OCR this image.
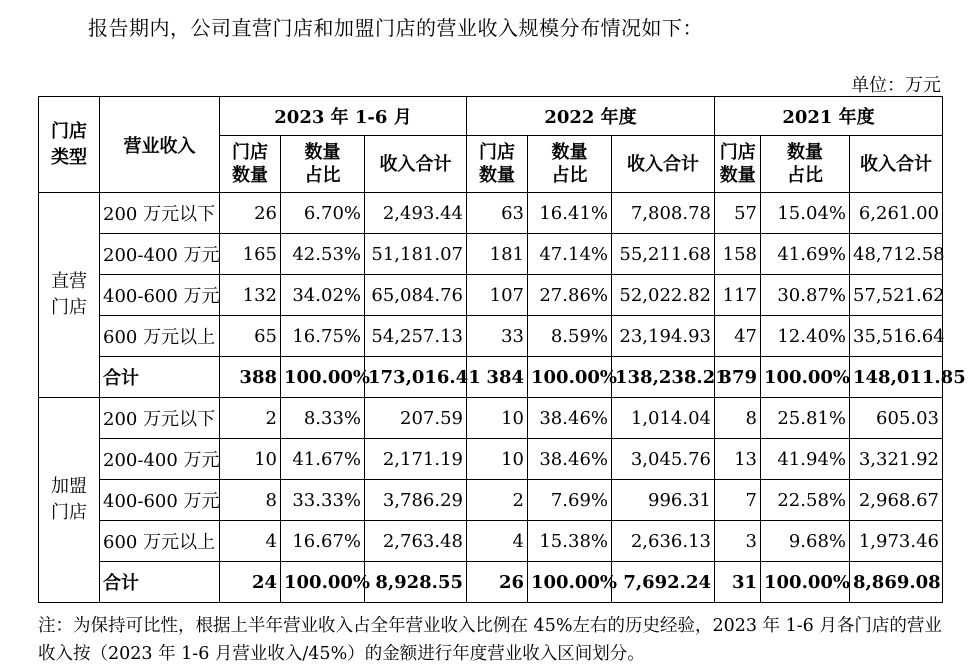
报告期内，公司直营门店和加盟门店的营业收入规模分布情况如下：
单位：万元
门店类型	营业收入	2023 年 1-6 月			2022 年度			2021 年度		
		门店数量	数量占比	收入合计	门店数量	数量占比	收入合计	门店数量	数量占比	收入合计
直营门店	200 万元以下	26	6.70%	2,493.44	63	16.41%	7,808.78	57	15.04%	6,261.00
	200-400 万元	165	42.53%	51,181.07	181	47.14%	55,211.68	158	41.69%	48,712.58
	400-600 万元	132	34.02%	65,084.76	107	27.86%	52,022.82	117	30.87%	57,521.62
	600 万元以上	65	16.75%	54,257.13	33	8.59%	23,194.93	47	12.40%	35,516.64
	合计	388	100.00%	173,016.41	384	100.00%	138,238.21	379	100.00%	148,011.85
加盟门店	200 万元以下	2	8.33%	207.59	10	38.46%	1,014.04	8	25.81%	605.03
	200-400 万元	10	41.67%	2,171.19	10	38.46%	3,045.76	13	41.94%	3,321.92
	400-600 万元	8	33.33%	3,786.29	2	7.69%	996.31	7	22.58%	2,968.67
	600 万元以上	4	16.67%	2,763.48	4	15.38%	2,636.13	3	9.68%	1,973.46
	合计	24	100.00%	8,928.55	26	100.00%	7,692.24	31	100.00%	8,869.08
注：为保持可比性，根据上半年营业收入占全年营业收入比例在 45%左右的历史经验，2023 年 1-6 月各门店的营业收入按（2023 年 1-6 月营业收入/45%）的金额进行年度营业收入区间划分。
